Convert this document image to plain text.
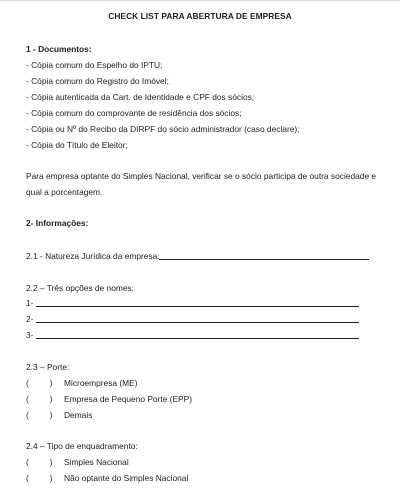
CHECK LIST PARA ABERTURA DE EMPRESA
1 - Documentos:
- Cópia comum do Espelho do IPTU;
- Cópia comum do Registro do Imóvel;
- Cópia autenticada da Cart. de Identidade e CPF dos sócios;
- Cópia comum do comprovante de residência dos sócios;
- Cópia ou Nº do Recibo da DIRPF do sócio administrador (caso declare);
- Cópia do Título de Eleitor;
Para empresa optante do Simples Nacional, verificar se o sócio participa de outra sociedade e
qual a porcentagem.
2- Informações:
2.1 - Natureza Jurídica da empresa:
2.2 – Três opções de nomes:
1-
2-
3-
2.3 – Porte:
( ) Microempresa (ME)
( ) Empresa de Pequeno Porte (EPP)
( ) Demais
2.4 – Tipo de enquadramento:
( ) Simples Nacional
( ) Não optante do Simples Nacional
